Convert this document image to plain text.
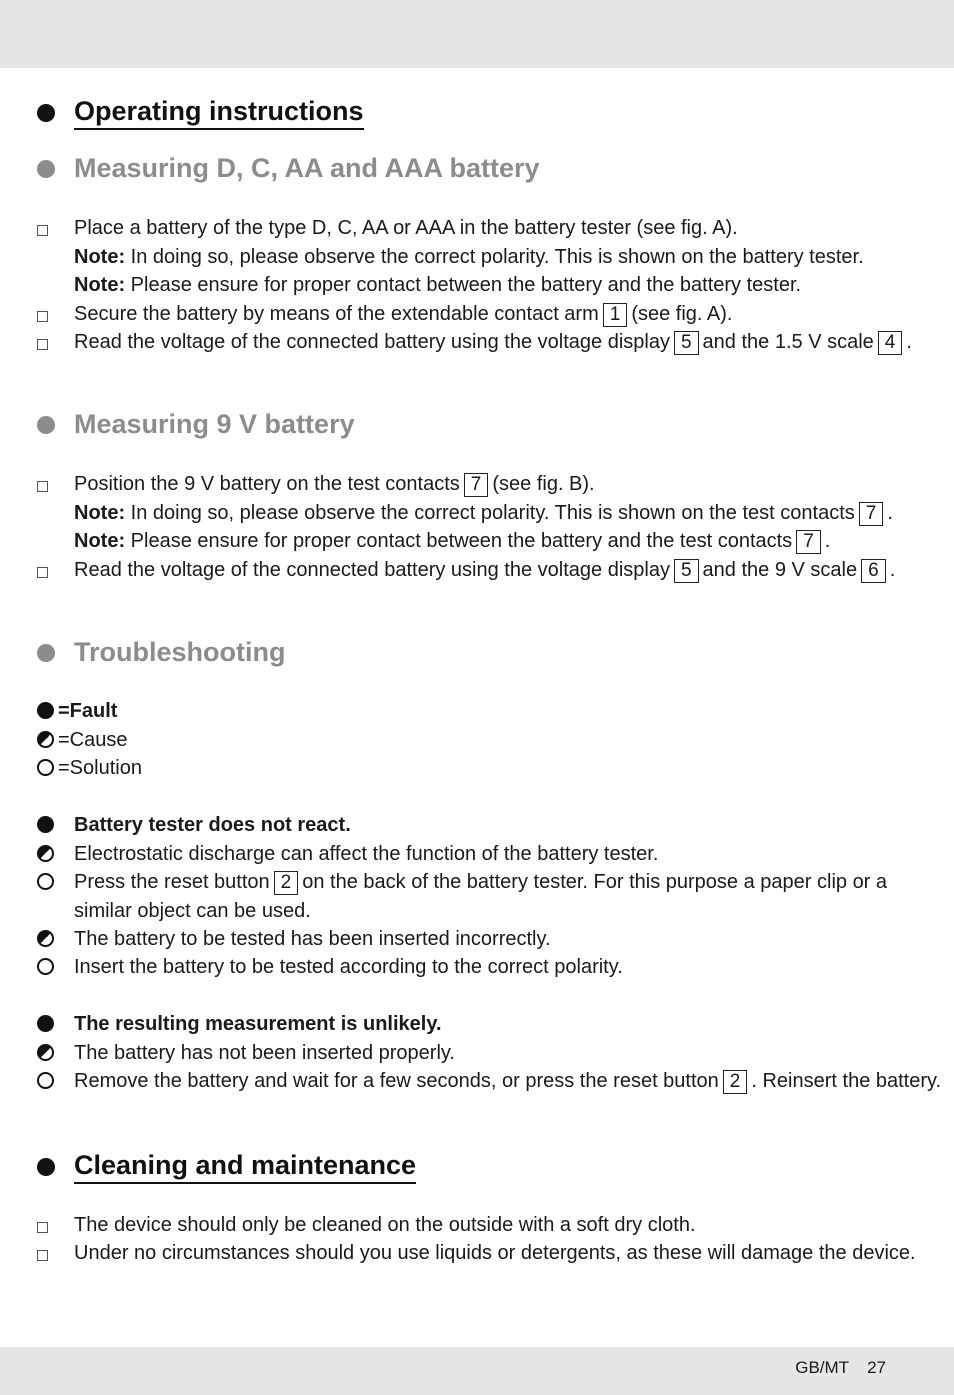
Operating instructions
Measuring D, C, AA and AAA battery
Place a battery of the type D, C, AA or AAA in the battery tester (see fig. A).
Note: In doing so, please observe the correct polarity. This is shown on the battery tester.
Note: Please ensure for proper contact between the battery and the battery tester.
Secure the battery by means of the extendable contact arm 1 (see fig. A).
Read the voltage of the connected battery using the voltage display 5 and the 1.5 V scale 4 .
Measuring 9 V battery
Position the 9 V battery on the test contacts 7 (see fig. B).
Note: In doing so, please observe the correct polarity. This is shown on the test contacts 7 .
Note: Please ensure for proper contact between the battery and the test contacts 7 .
Read the voltage of the connected battery using the voltage display 5 and the 9 V scale 6 .
Troubleshooting
=Fault
=Cause
=Solution
Battery tester does not react.
Electrostatic discharge can affect the function of the battery tester.
Press the reset button 2 on the back of the battery tester. For this purpose a paper clip or a
similar object can be used.
The battery to be tested has been inserted incorrectly.
Insert the battery to be tested according to the correct polarity.
The resulting measurement is unlikely.
The battery has not been inserted properly.
Remove the battery and wait for a few seconds, or press the reset button 2 . Reinsert the battery.
Cleaning and maintenance
The device should only be cleaned on the outside with a soft dry cloth.
Under no circumstances should you use liquids or detergents, as these will damage the device.
GB/MT 27
